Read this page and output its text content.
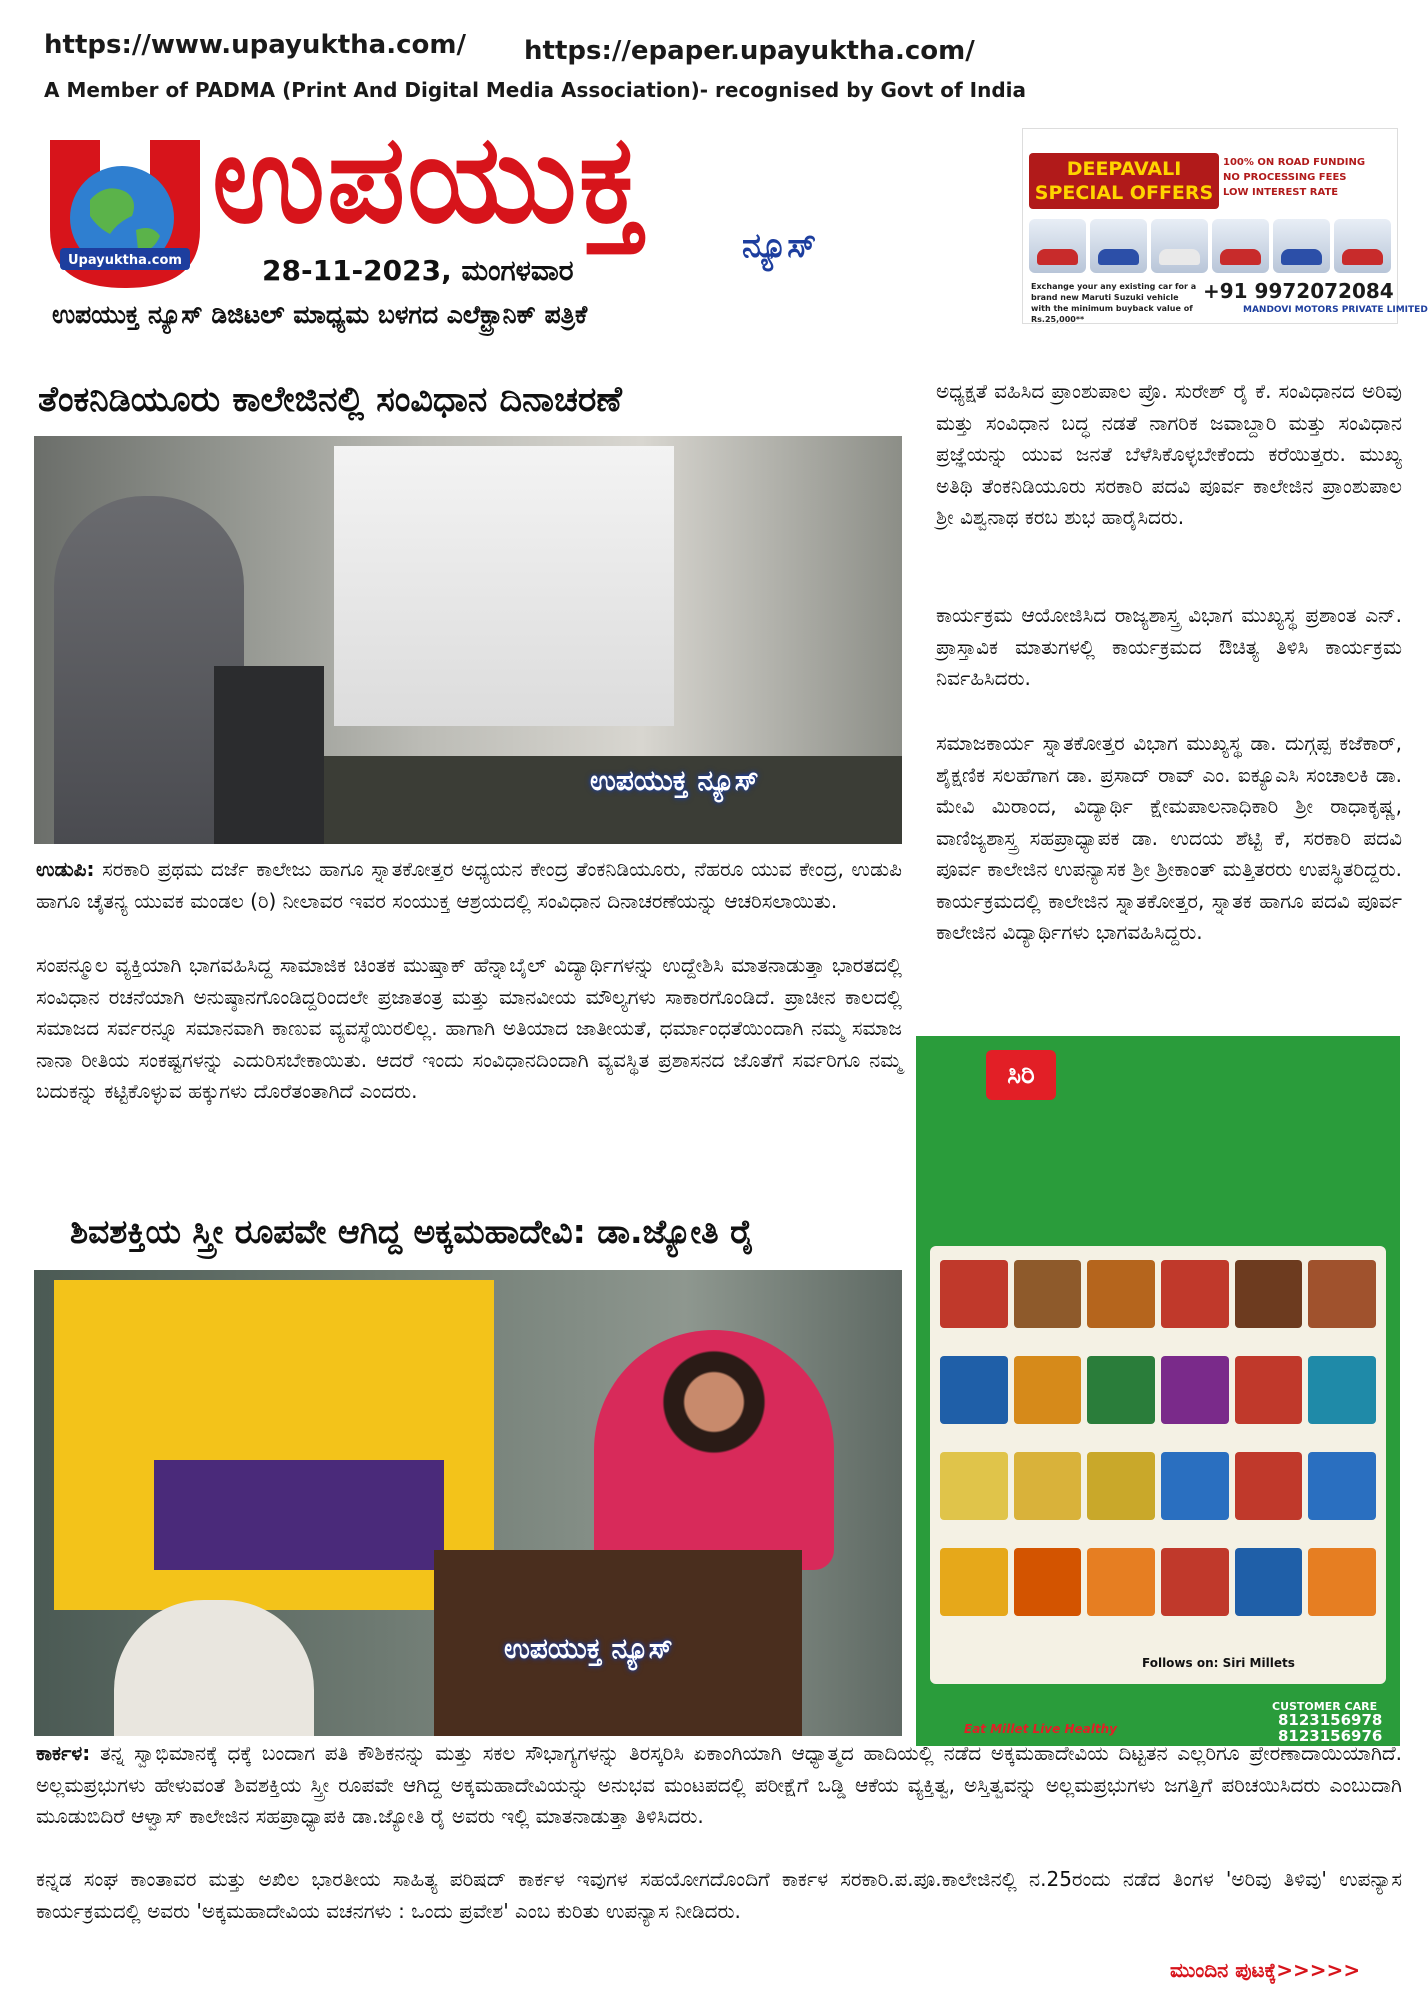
https://www.upayuktha.com/ https://epaper.upayuktha.com/
A Member of PADMA (Print And Digital Media Association)- recognised by Govt of India
Upayuktha.com
ಉಪಯುಕ್ತ	ನ್ಯೂಸ್
28-11-2023, ಮಂಗಳವಾರ
ಉಪಯುಕ್ತ ನ್ಯೂಸ್ ಡಿಜಿಟಲ್ ಮಾಧ್ಯಮ ಬಳಗದ ಎಲೆಕ್ಟ್ರಾನಿಕ್ ಪತ್ರಿಕೆ
DEEPAVALI SPECIAL OFFERS
100% ON ROAD FUNDING
NO PROCESSING FEES
LOW INTEREST RATE
Exchange your any existing car for a brand new Maruti Suzuki vehicle with the minimum buyback value of Rs.25,000**
+91 9972072084
MANDOVI MOTORS PRIVATE LIMITED
ತೆಂಕನಿಡಿಯೂರು ಕಾಲೇಜಿನಲ್ಲಿ ಸಂವಿಧಾನ ದಿನಾಚರಣೆ
ಉಪಯುಕ್ತ ನ್ಯೂಸ್

ಉಡುಪಿ: ಸರಕಾರಿ ಪ್ರಥಮ ದರ್ಜೆ ಕಾಲೇಜು ಹಾಗೂ ಸ್ನಾತಕೋತ್ತರ ಅಧ್ಯಯನ ಕೇಂದ್ರ ತೆಂಕನಿಡಿಯೂರು, ನೆಹರೂ ಯುವ ಕೇಂದ್ರ, ಉಡುಪಿ ಹಾಗೂ ಚೈತನ್ಯ ಯುವಕ ಮಂಡಲ (ರಿ) ನೀಲಾವರ ಇವರ ಸಂಯುಕ್ತ ಆಶ್ರಯದಲ್ಲಿ ಸಂವಿಧಾನ ದಿನಾಚರಣೆಯನ್ನು ಆಚರಿಸಲಾಯಿತು.

ಸಂಪನ್ಮೂಲ ವ್ಯಕ್ತಿಯಾಗಿ ಭಾಗವಹಿಸಿದ್ದ ಸಾಮಾಜಿಕ ಚಿಂತಕ ಮುಷ್ತಾಕ್ ಹೆನ್ನಾಬೈಲ್ ವಿದ್ಯಾರ್ಥಿಗಳನ್ನು ಉದ್ದೇಶಿಸಿ ಮಾತನಾಡುತ್ತಾ ಭಾರತದಲ್ಲಿ ಸಂವಿಧಾನ ರಚನೆಯಾಗಿ ಅನುಷ್ಠಾನಗೊಂಡಿದ್ದರಿಂದಲೇ ಪ್ರಜಾತಂತ್ರ ಮತ್ತು ಮಾನವೀಯ ಮೌಲ್ಯಗಳು ಸಾಕಾರಗೊಂಡಿದೆ. ಪ್ರಾಚೀನ ಕಾಲದಲ್ಲಿ ಸಮಾಜದ ಸರ್ವರನ್ನೂ ಸಮಾನವಾಗಿ ಕಾಣುವ ವ್ಯವಸ್ಥೆಯಿರಲಿಲ್ಲ. ಹಾಗಾಗಿ ಅತಿಯಾದ ಜಾತೀಯತೆ, ಧರ್ಮಾಂಧತೆಯಿಂದಾಗಿ ನಮ್ಮ ಸಮಾಜ ನಾನಾ ರೀತಿಯ ಸಂಕಷ್ಟಗಳನ್ನು ಎದುರಿಸಬೇಕಾಯಿತು. ಆದರೆ ಇಂದು ಸಂವಿಧಾನದಿಂದಾಗಿ ವ್ಯವಸ್ಥಿತ ಪ್ರಶಾಸನದ ಜೊತೆಗೆ ಸರ್ವರಿಗೂ ನಮ್ಮ ಬದುಕನ್ನು ಕಟ್ಟಿಕೊಳ್ಳುವ ಹಕ್ಕುಗಳು ದೊರೆತಂತಾಗಿದೆ ಎಂದರು.

ಅಧ್ಯಕ್ಷತೆ ವಹಿಸಿದ ಪ್ರಾಂಶುಪಾಲ ಪ್ರೊ. ಸುರೇಶ್ ರೈ ಕೆ. ಸಂವಿಧಾನದ ಅರಿವು ಮತ್ತು ಸಂವಿಧಾನ ಬದ್ಧ ನಡತೆ ನಾಗರಿಕ ಜವಾಬ್ದಾರಿ ಮತ್ತು ಸಂವಿಧಾನ ಪ್ರಜ್ಞೆಯನ್ನು ಯುವ ಜನತೆ ಬೆಳೆಸಿಕೊಳ್ಳಬೇಕೆಂದು ಕರೆಯಿತ್ತರು. ಮುಖ್ಯ ಅತಿಥಿ ತೆಂಕನಿಡಿಯೂರು ಸರಕಾರಿ ಪದವಿ ಪೂರ್ವ ಕಾಲೇಜಿನ ಪ್ರಾಂಶುಪಾಲ ಶ್ರೀ ವಿಶ್ವನಾಥ ಕರಬ ಶುಭ ಹಾರೈಸಿದರು.

ಕಾರ್ಯಕ್ರಮ ಆಯೋಜಿಸಿದ ರಾಜ್ಯಶಾಸ್ತ್ರ ವಿಭಾಗ ಮುಖ್ಯಸ್ಥ ಪ್ರಶಾಂತ ಎನ್. ಪ್ರಾಸ್ತಾವಿಕ ಮಾತುಗಳಲ್ಲಿ ಕಾರ್ಯಕ್ರಮದ ಔಚಿತ್ಯ ತಿಳಿಸಿ ಕಾರ್ಯಕ್ರಮ ನಿರ್ವಹಿಸಿದರು.

ಸಮಾಜಕಾರ್ಯ ಸ್ನಾತಕೋತ್ತರ ವಿಭಾಗ ಮುಖ್ಯಸ್ಥ ಡಾ. ದುಗ್ಗಪ್ಪ ಕಜೆಕಾರ್, ಶೈಕ್ಷಣಿಕ ಸಲಹೆಗಾಗ ಡಾ. ಪ್ರಸಾದ್ ರಾವ್ ಎಂ. ಐಕ್ಯೂಎಸಿ ಸಂಚಾಲಕಿ ಡಾ. ಮೇವಿ ಮಿರಾಂದ, ವಿದ್ಯಾರ್ಥಿ ಕ್ಷೇಮಪಾಲನಾಧಿಕಾರಿ ಶ್ರೀ ರಾಧಾಕೃಷ್ಣ, ವಾಣಿಜ್ಯಶಾಸ್ತ್ರ ಸಹಪ್ರಾಧ್ಯಾಪಕ ಡಾ. ಉದಯ ಶೆಟ್ಟಿ ಕೆ, ಸರಕಾರಿ ಪದವಿ ಪೂರ್ವ ಕಾಲೇಜಿನ ಉಪನ್ಯಾಸಕ ಶ್ರೀ ಶ್ರೀಕಾಂತ್ ಮತ್ತಿತರರು ಉಪಸ್ಥಿತರಿದ್ದರು. ಕಾರ್ಯಕ್ರಮದಲ್ಲಿ ಕಾಲೇಜಿನ ಸ್ನಾತಕೋತ್ತರ, ಸ್ನಾತಕ ಹಾಗೂ ಪದವಿ ಪೂರ್ವ ಕಾಲೇಜಿನ ವಿದ್ಯಾರ್ಥಿಗಳು ಭಾಗವಹಿಸಿದ್ದರು.

ಶಿವಶಕ್ತಿಯ ಸ್ತ್ರೀ ರೂಪವೇ ಆಗಿದ್ದ ಅಕ್ಕಮಹಾದೇವಿ: ಡಾ.ಜ್ಯೋತಿ ರೈ
ಉಪಯುಕ್ತ ನ್ಯೂಸ್
ಸಿರಿ
Follows on: Siri Millets
Eat Millet Live Healthy
CUSTOMER CARE
8123156978
8123156976

ಕಾರ್ಕಳ: ತನ್ನ ಸ್ವಾಭಿಮಾನಕ್ಕೆ ಧಕ್ಕೆ ಬಂದಾಗ ಪತಿ ಕೌಶಿಕನನ್ನು ಮತ್ತು ಸಕಲ ಸೌಭಾಗ್ಯಗಳನ್ನು ತಿರಸ್ಕರಿಸಿ ಏಕಾಂಗಿಯಾಗಿ ಆಧ್ಯಾತ್ಮದ ಹಾದಿಯಲ್ಲಿ ನಡೆದ ಅಕ್ಕಮಹಾದೇವಿಯ ದಿಟ್ಟತನ ಎಲ್ಲರಿಗೂ ಪ್ರೇರಣಾದಾಯಿಯಾಗಿದೆ. ಅಲ್ಲಮಪ್ರಭುಗಳು ಹೇಳುವಂತೆ ಶಿವಶಕ್ತಿಯ ಸ್ತ್ರೀ ರೂಪವೇ ಆಗಿದ್ದ ಅಕ್ಕಮಹಾದೇವಿಯನ್ನು ಅನುಭವ ಮಂಟಪದಲ್ಲಿ ಪರೀಕ್ಷೆಗೆ ಒಡ್ಡಿ ಆಕೆಯ ವ್ಯಕ್ತಿತ್ವ, ಅಸ್ತಿತ್ವವನ್ನು ಅಲ್ಲಮಪ್ರಭುಗಳು ಜಗತ್ತಿಗೆ ಪರಿಚಯಿಸಿದರು ಎಂಬುದಾಗಿ ಮೂಡುಬಿದಿರೆ ಆಳ್ವಾಸ್ ಕಾಲೇಜಿನ ಸಹಪ್ರಾಧ್ಯಾಪಕಿ ಡಾ.ಜ್ಯೋತಿ ರೈ ಅವರು ಇಲ್ಲಿ ಮಾತನಾಡುತ್ತಾ ತಿಳಿಸಿದರು.

ಕನ್ನಡ ಸಂಘ ಕಾಂತಾವರ ಮತ್ತು ಅಖಿಲ ಭಾರತೀಯ ಸಾಹಿತ್ಯ ಪರಿಷದ್ ಕಾರ್ಕಳ ಇವುಗಳ ಸಹಯೋಗದೊಂದಿಗೆ ಕಾರ್ಕಳ ಸರಕಾರಿ.ಪ.ಪೂ.ಕಾಲೇಜಿನಲ್ಲಿ ನ.25ರಂದು ನಡೆದ ತಿಂಗಳ 'ಅರಿವು ತಿಳಿವು' ಉಪನ್ಯಾಸ ಕಾರ್ಯಕ್ರಮದಲ್ಲಿ ಅವರು 'ಅಕ್ಕಮಹಾದೇವಿಯ ವಚನಗಳು : ಒಂದು ಪ್ರವೇಶ' ಎಂಬ ಕುರಿತು ಉಪನ್ಯಾಸ ನೀಡಿದರು.

ಮುಂದಿನ ಪುಟಕ್ಕೆ>>>>>
